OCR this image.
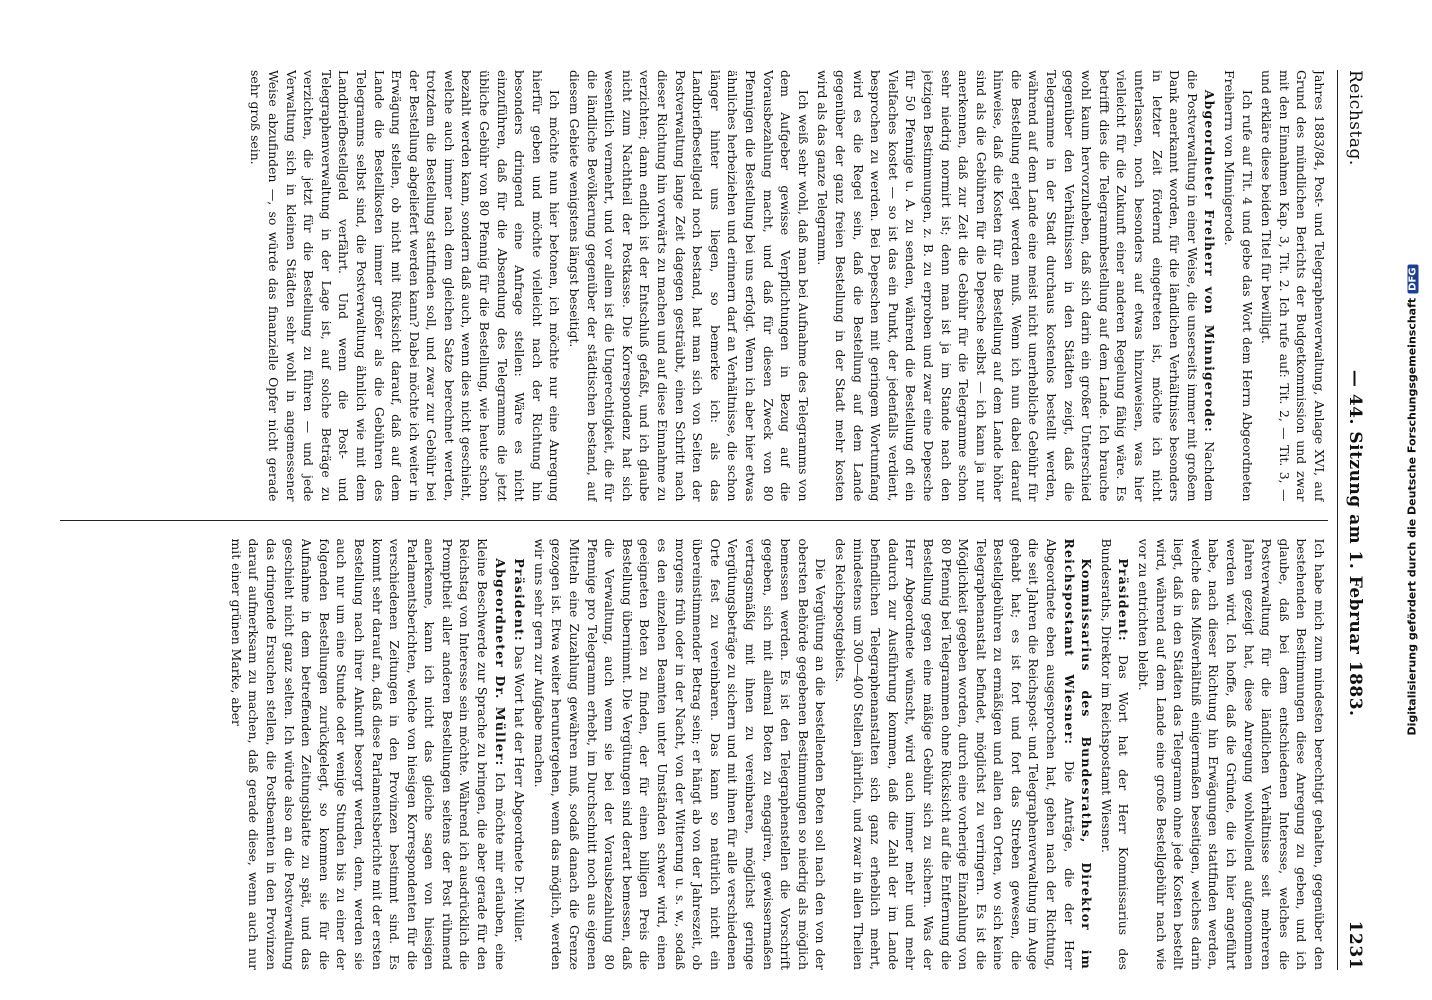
Reichstag.
— 44. Sitzung am 1. Februar 1883.
1231

Jahres 1883/84, Post- und Telegraphenverwaltung, Anlage XVI, auf Grund des mündlichen Berichts der Budgetkommission und zwar mit den Einnahmen Kap. 3, Tit. 2. Ich rufe auf: Tit. 2, — Tit. 3, — und erkläre diese beiden Titel für bewilligt.

Ich rufe auf Tit. 4 und gebe das Wort dem Herrn Abgeordneten Freiherrn von Minnigerode.

Abgeordneter Freiherr von Minnigerode: Nachdem die Postverwaltung in einer Weise, die unserseits immer mit großem Dank anerkannt worden, für die ländlichen Verhältnisse besonders in letzter Zeit fördernd eingetreten ist, möchte ich nicht unterlassen, noch besonders auf etwas hinzuweisen, was hier vielleicht für die Zukunft einer anderen Regelung fähig wäre. Es betrifft dies die Telegrammbestellung auf dem Lande. Ich brauche wohl kaum hervorzuheben, daß sich darin ein großer Unterschied gegenüber den Verhältnissen in den Städten zeigt, daß die Telegramme in der Stadt durchaus kostenlos bestellt werden, während auf dem Lande eine meist nicht unerhebliche Gebühr für die Bestellung erlegt werden muß. Wenn ich nun dabei darauf hinweise, daß die Kosten für die Bestellung auf dem Lande höher sind als die Gebühren für die Depesche selbst — ich kann ja nur anerkennen, daß zur Zeit die Gebühr für die Telegramme schon sehr niedrig normirt ist; denn man ist ja im Stande nach den jetzigen Bestimmungen, z. B. zu erproben und zwar eine Depesche für 50 Pfennige u. A. zu senden, während die Bestellung oft ein Vielfaches kostet — so ist das ein Punkt, der jedenfalls verdient, besprochen zu werden. Bei Depeschen mit geringem Wortumfang wird es die Regel sein, daß die Bestellung auf dem Lande gegenüber der ganz freien Bestellung in der Stadt mehr kosten wird als das ganze Telegramm.

Ich weiß sehr wohl, daß man bei Aufnahme des Telegramms von dem Aufgeber gewisse Verpflichtungen in Bezug auf die Vorausbezahlung macht, und daß für diesen Zweck von 80 Pfennigen die Bestellung bei uns erfolgt. Wenn ich aber hier etwas ähnliches herbeiziehen und erinnern darf an Verhältnisse, die schon länger hinter uns liegen, so bemerke ich: als das Landbriefbestellgeld noch bestand, hat man sich von Seiten der Postverwaltung lange Zeit dagegen gesträubt, einen Schritt nach dieser Richtung hin vorwärts zu machen und auf diese Einnahme zu verzichten; dann endlich ist der Entschluß gefaßt, und ich glaube nicht zum Nachtheil der Postkasse. Die Korrespondenz hat sich wesentlich vermehrt, und vor allem ist die Ungerechtigkeit, die für die ländliche Bevölkerung gegenüber der städtischen bestand, auf diesem Gebiete wenigstens längst beseitigt.

Ich möchte nun hier betonen, ich möchte nur eine Anregung hierfür geben und möchte vielleicht nach der Richtung hin besonders dringend eine Anfrage stellen: Wäre es nicht einzuführen, daß für die Absendung des Telegramms die jetzt übliche Gebühr von 80 Pfennig für die Bestellung, wie heute schon bezahlt werden kann, sondern daß auch, wenn dies nicht geschieht, welche auch immer nach dem gleichen Satze berechnet werden, trotzdem die Bestellung stattfinden soll, und zwar zur Gebühr bei der Bestellung abgeliefert werden kann? Dabei möchte ich weiter in Erwägung stellen, ob nicht mit Rücksicht darauf, daß auf dem Lande die Bestellkosten immer größer als die Gebühren des Telegramms selbst sind, die Postverwaltung ähnlich wie mit dem Landbriefbestellgeld verfährt. Und wenn die Post- und Telegraphenverwaltung in der Lage ist, auf solche Beträge zu verzichten, die jetzt für die Bestellung zu führen — und jede Verwaltung sich in kleinen Städten sehr wohl in angemessener Weise abzufinden —, so würde das finanzielle Opfer nicht gerade sehr groß sein.

Ich habe mich zum mindesten berechtigt gehalten, gegenüber den bestehenden Bestimmungen diese Anregung zu geben, und ich glaube, daß bei dem entschiedenen Interesse, welches die Postverwaltung für die ländlichen Verhältnisse seit mehreren Jahren gezeigt hat, diese Anregung wohlwollend aufgenommen werden wird. Ich hoffe, daß die Gründe, die ich hier angeführt habe, nach dieser Richtung hin Erwägungen stattfinden werden, welche das Mißverhältniß einigermaßen beseitigen, welches darin liegt, daß in den Städten das Telegramm ohne jede Kosten bestellt wird, während auf dem Lande eine große Bestellgebühr nach wie vor zu entrichten bleibt.

Präsident: Das Wort hat der Herr Kommissarius des Bundesraths, Direktor im Reichspostamt Wiesner.

Kommissarius des Bundesraths, Direktor im Reichspostamt Wiesner: Die Anträge, die der Herr Abgeordnete eben ausgesprochen hat, gehen nach der Richtung, die seit Jahren die Reichspost- und Telegraphenverwaltung im Auge gehabt hat; es ist fort und fort das Streben gewesen, die Bestellgebühren zu ermäßigen und allen den Orten, wo sich keine Telegraphenanstalt befindet, möglichst zu verringern. Es ist die Möglichkeit gegeben worden, durch eine vorherige Einzahlung von 80 Pfennig bei Telegrammen ohne Rücksicht auf die Entfernung die Bestellung gegen eine mäßige Gebühr sich zu sichern. Was der Herr Abgeordnete wünscht, wird auch immer mehr und mehr dadurch zur Ausführung kommen, daß die Zahl der im Lande befindlichen Telegraphenanstalten sich ganz erheblich mehrt, mindestens um 300—400 Stellen jährlich, und zwar in allen Theilen des Reichspostgebiets.

Die Vergütung an die bestellenden Boten soll nach den von der obersten Behörde gegebenen Bestimmungen so niedrig als möglich bemessen werden. Es ist den Telegraphenstellen die Vorschrift gegeben, sich mit allemal Boten zu engagiren, gewissermaßen vertragsmäßig mit ihnen zu vereinbaren, möglichst geringe Vergütungsbeträge zu sichern und mit ihnen für alle verschiedenen Orte fest zu vereinbaren. Das kann so natürlich nicht ein übereinstimmender Betrag sein; er hängt ab von der Jahreszeit, ob morgens früh oder in der Nacht, von der Witterung u. s. w., sodaß es den einzelnen Beamten unter Umständen schwer wird, einen geeigneten Boten zu finden, der für einen billigen Preis die Bestellung übernimmt. Die Vergütungen sind derart bemessen, daß die Verwaltung, auch wenn sie bei der Vorausbezahlung 80 Pfennige pro Telegramm erhebt, im Durchschnitt noch aus eigenen Mitteln eine Zuzahlung gewähren muß, sodaß danach die Grenze gezogen ist. Etwa weiter heruntergehen, wenn das möglich, werden wir uns sehr gern zur Aufgabe machen.

Präsident: Das Wort hat der Herr Abgeordnete Dr. Müller.

Abgeordneter Dr. Müller: Ich möchte mir erlauben, eine kleine Beschwerde zur Sprache zu bringen, die aber gerade für den Reichstag von Interesse sein möchte. Während ich ausdrücklich die Promptheit aller anderen Bestellungen seitens der Post rühmend anerkenne, kann ich nicht das gleiche sagen von hiesigen Parlamentsberichten, welche von hiesigen Korrespondenten für die verschiedenen Zeitungen in den Provinzen bestimmt sind. Es kommt sehr darauf an, daß diese Parlamentsberichte mit der ersten Bestellung nach ihrer Ankunft besorgt werden, denn, werden sie auch nur um eine Stunde oder wenige Stunden bis zu einer der folgenden Bestellungen zurückgelegt, so kommen sie für die Aufnahme in dem betreffenden Zeitungsblatte zu spät, und das geschieht nicht ganz selten. Ich würde also an die Postverwaltung das dringende Ersuchen stellen, die Postbeamten in den Provinzen darauf aufmerksam zu machen, daß gerade diese, wenn auch nur mit einer grünen Marke, aber	Digitalisierung gefördert durch die Deutsche ForschungsgemeinschaftDFG
